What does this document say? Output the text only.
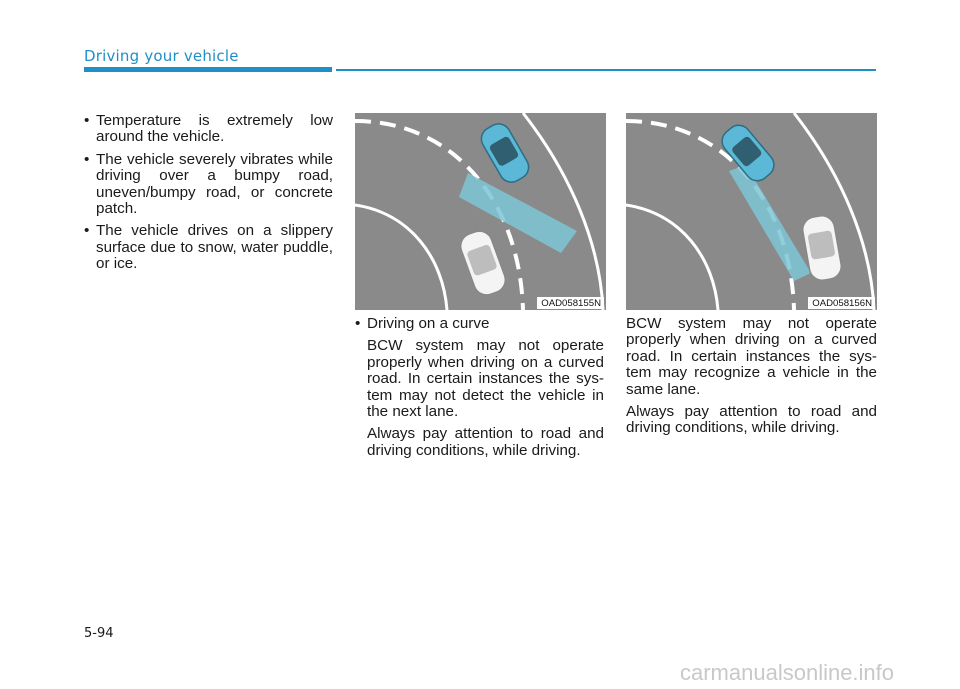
Driving your vehicle
• Temperature is extremely low around the vehicle.
• The vehicle severely vibrates while driving over a bumpy road, uneven/bumpy road, or concrete patch.
• The vehicle drives on a slippery surface due to snow, water puddle, or ice.
OAD058155N	OAD058156N
• Driving on a curve

BCW system may not operate properly when driving on a curved road. In certain instances the sys-tem may not detect the vehicle in the next lane.

Always pay attention to road and driving conditions, while driving.

BCW system may not operate properly when driving on a curved road. In certain instances the sys-tem may recognize a vehicle in the same lane.

Always pay attention to road and driving conditions, while driving.

5-94
carmanualsonline.info
